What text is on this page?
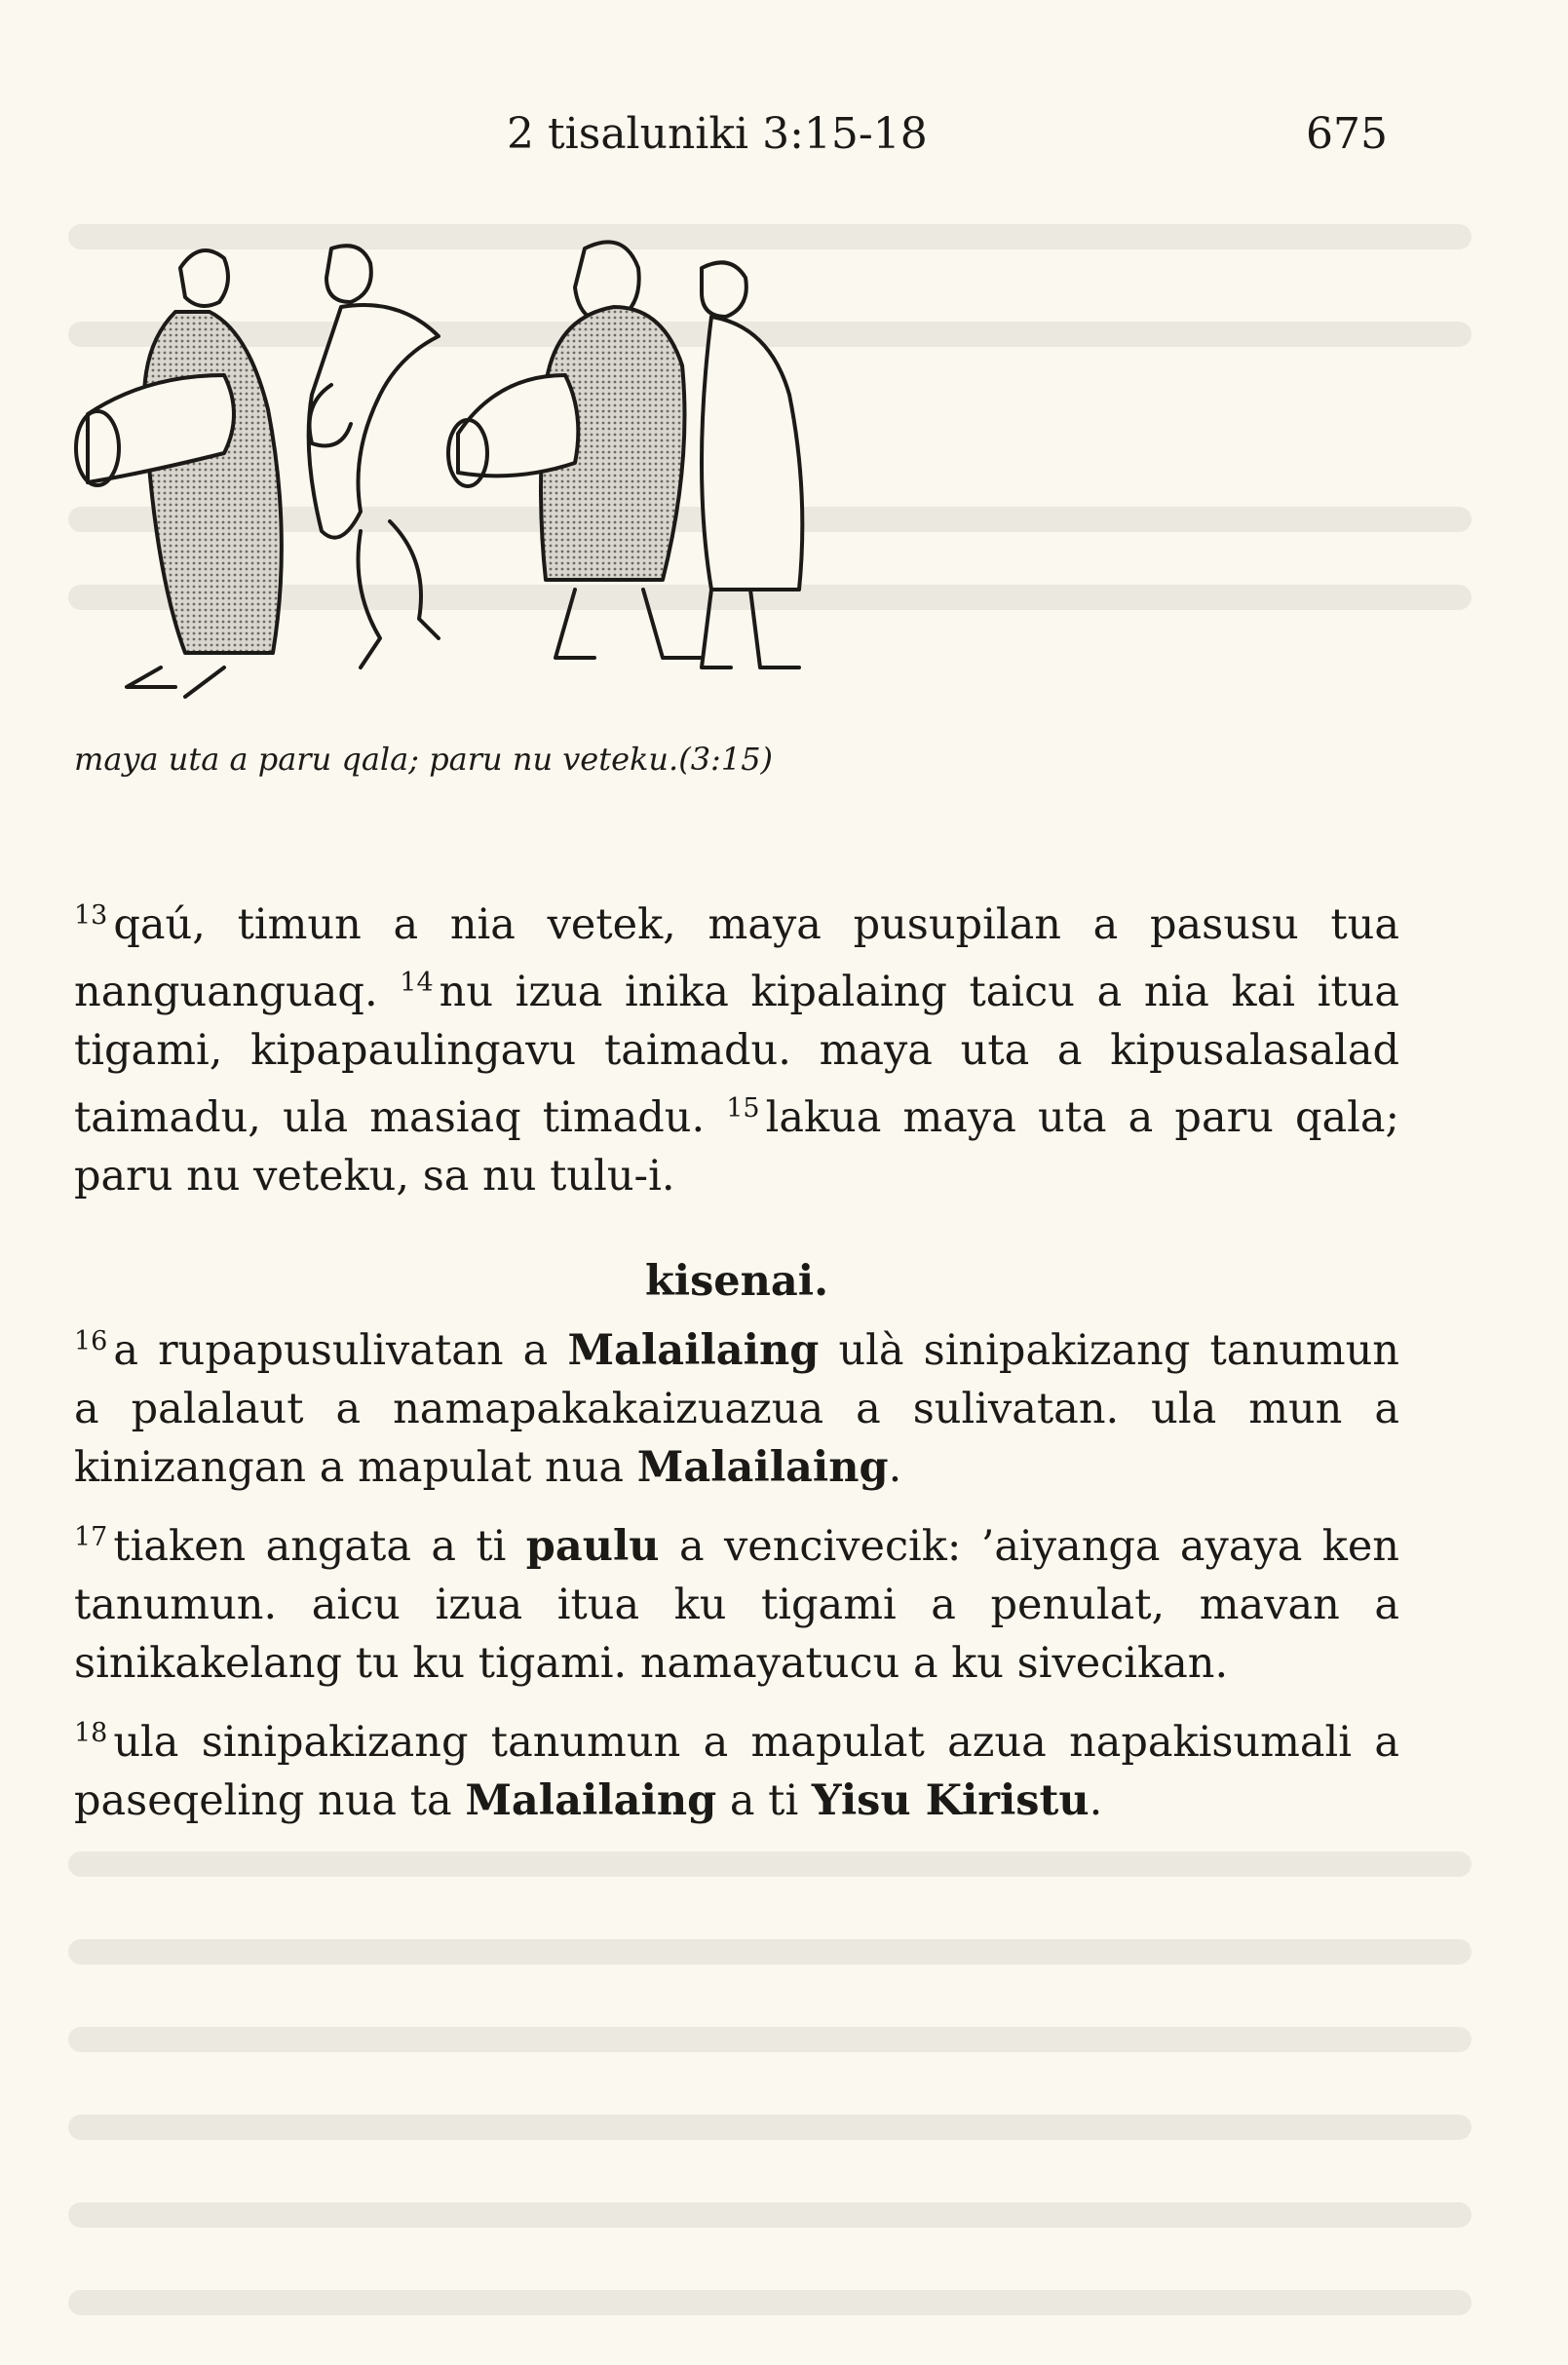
2 tisaluniki 3:15-18	675
maya uta a paru qala; paru nu veteku.(3:15)

$^{13}$ qaú, timun a nia vetek, maya pusupilan a pasusu tua nanguanguaq. $^{14}$ nu izua inika kipalaing taicu a nia kai itua tigami, kipapaulingavu taimadu. maya uta a kipusalasalad taimadu, ula masiaq timadu. $^{15}$ lakua maya uta a paru qala; paru nu veteku, sa nu tulu-i.

kisenai.

$^{16}$ a rupapusulivatan a Malailaing ulà sinipakizang tanumun a palalaut a namapakakaizuazua a sulivatan. ula mun a kinizangan a mapulat nua Malailaing.

$^{17}$ tiaken angata a ti paulu a vencivecik: ’aiyanga ayaya ken tanumun. aicu izua itua ku tigami a penulat, mavan a sinikakelang tu ku tigami. namayatucu a ku sivecikan.

$^{18}$ ula sinipakizang tanumun a mapulat azua napakisumali a paseqeling nua ta Malailaing a ti Yisu Kiristu.
